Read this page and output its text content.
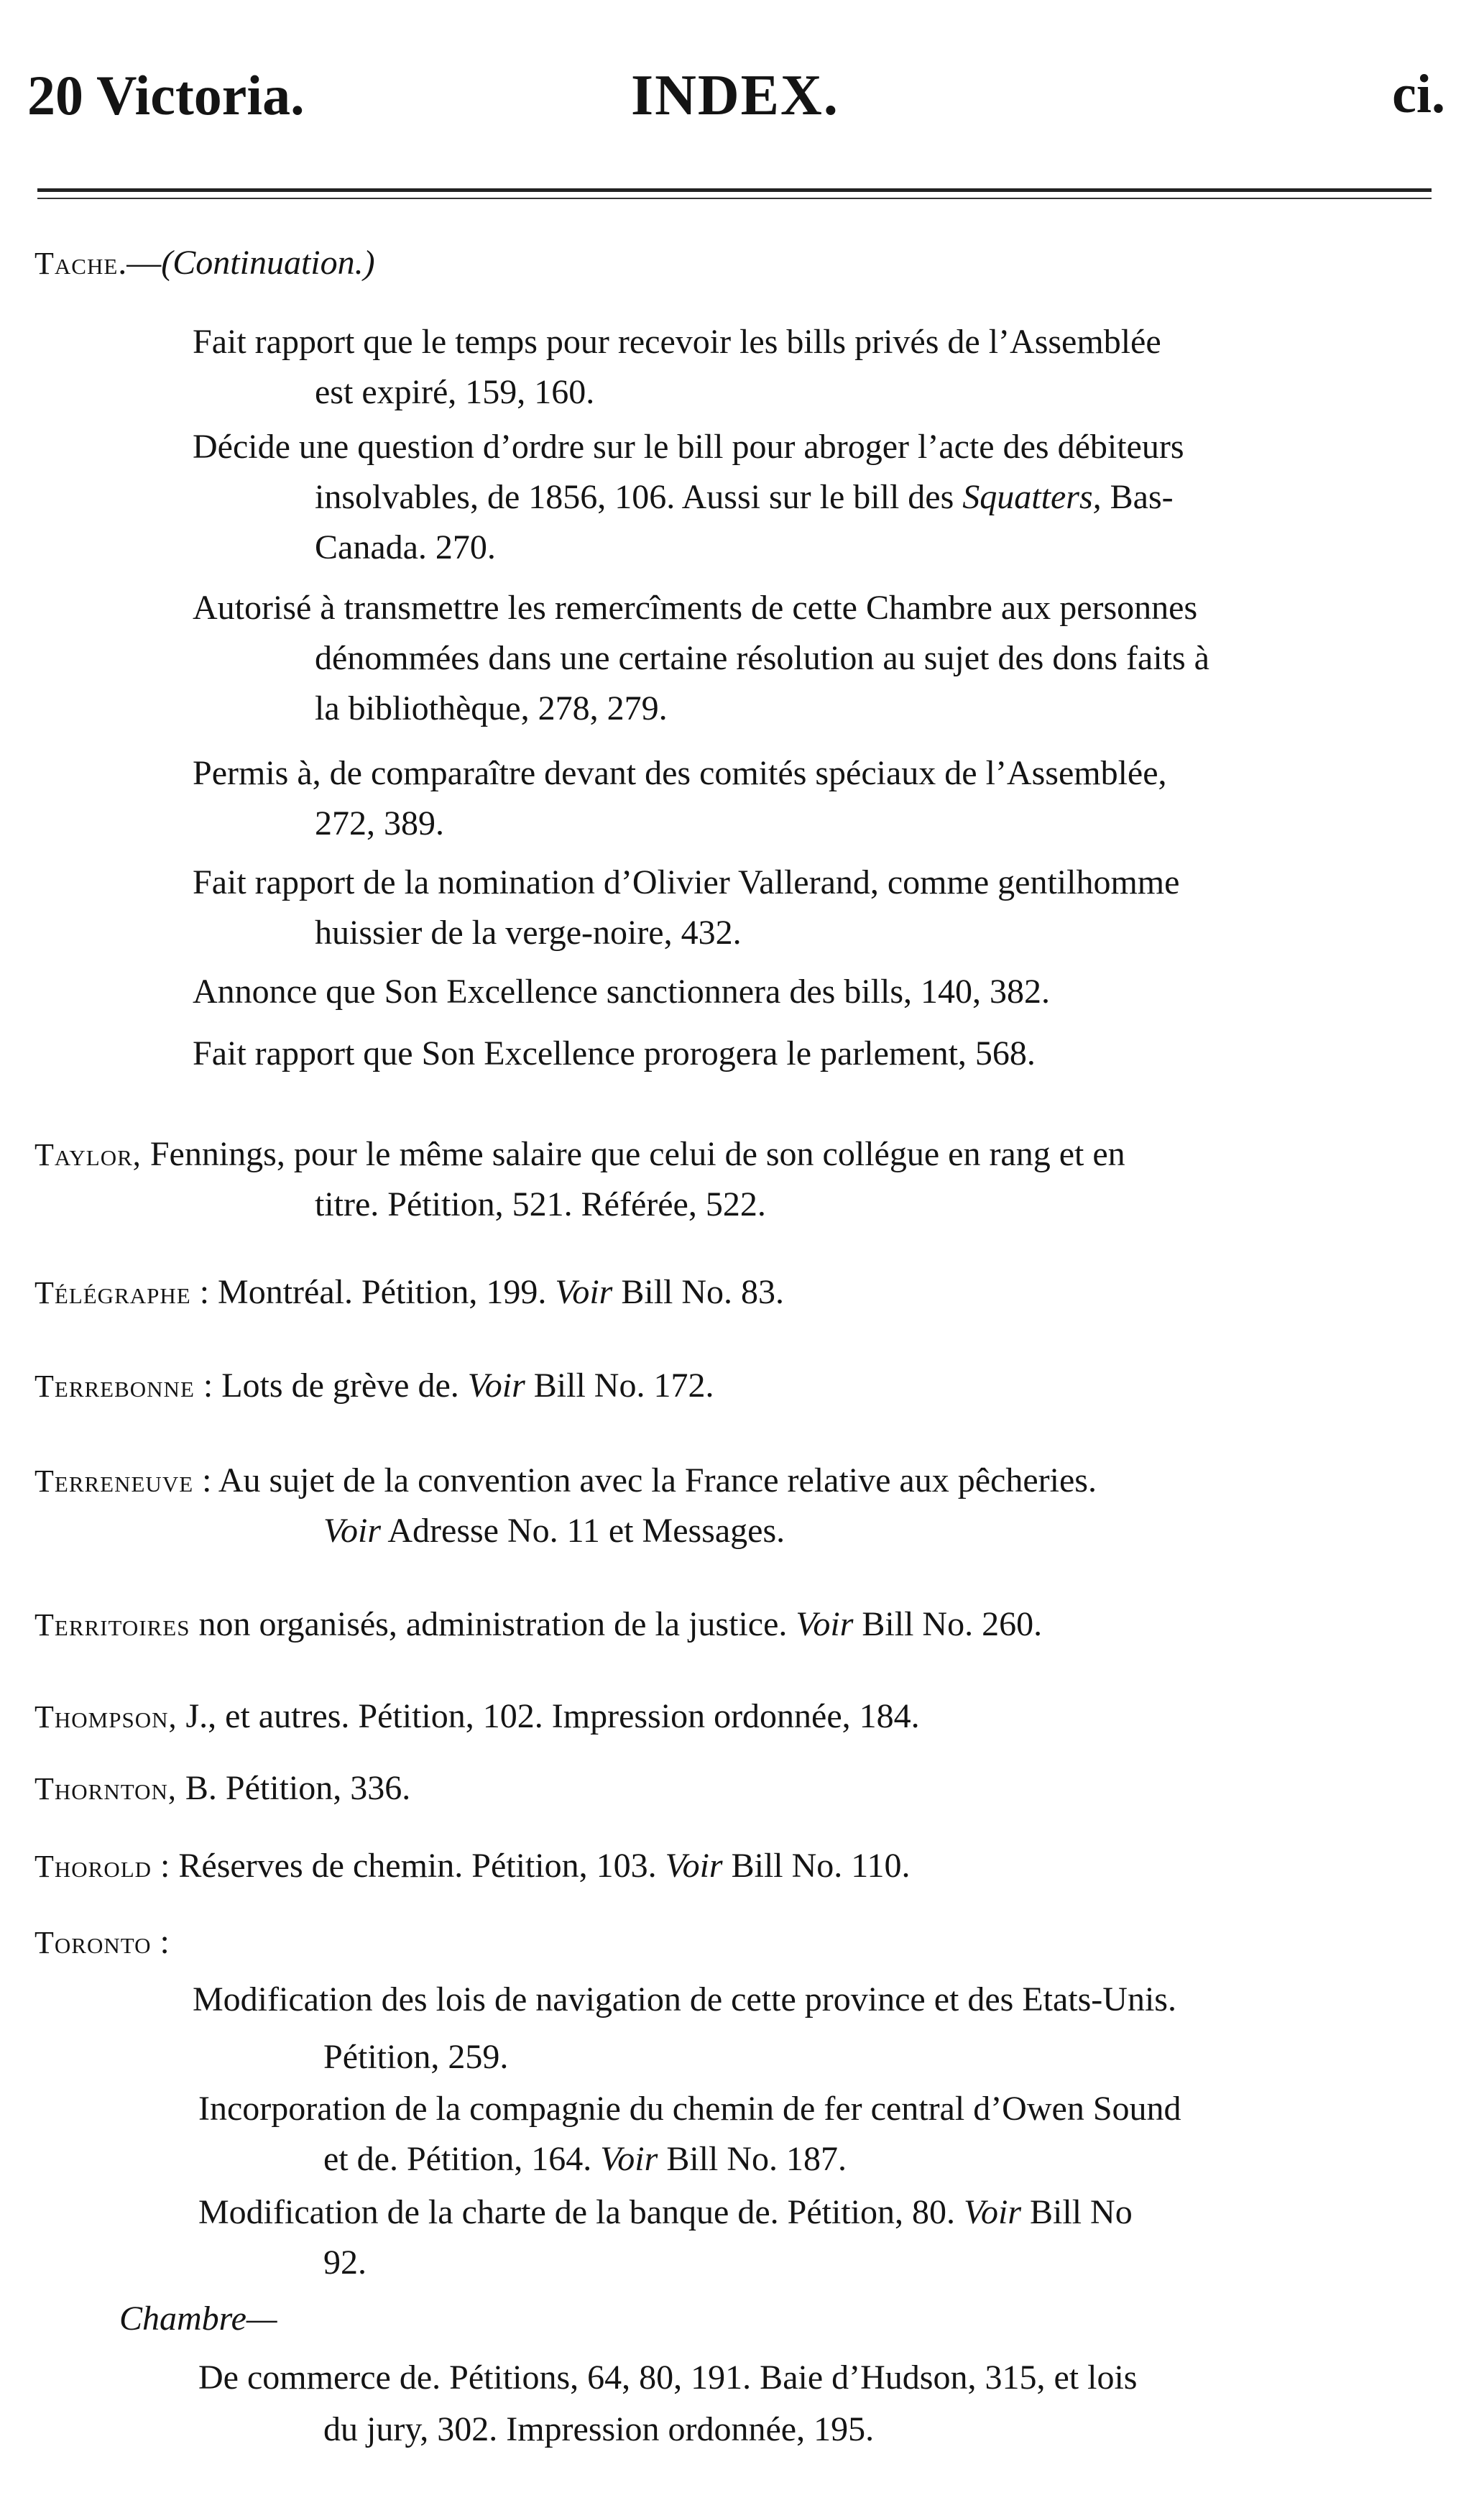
20 Victoria.	INDEX.	ci.
Tache.—(Continuation.)
Fait rapport que le temps pour recevoir les bills privés de l’Assemblée
est expiré, 159, 160.
Décide une question d’ordre sur le bill pour abroger l’acte des débiteurs
insolvables, de 1856, 106. Aussi sur le bill des Squatters, Bas-
Canada. 270.
Autorisé à transmettre les remercîments de cette Chambre aux personnes
dénommées dans une certaine résolution au sujet des dons faits à
la bibliothèque, 278, 279.
Permis à, de comparaître devant des comités spéciaux de l’Assemblée,
272, 389.
Fait rapport de la nomination d’Olivier Vallerand, comme gentilhomme
huissier de la verge-noire, 432.
Annonce que Son Excellence sanctionnera des bills, 140, 382.
Fait rapport que Son Excellence prorogera le parlement, 568.
Taylor, Fennings, pour le même salaire que celui de son collégue en rang et en
titre. Pétition, 521. Référée, 522.
Télégraphe : Montréal. Pétition, 199. Voir Bill No. 83.
Terrebonne : Lots de grève de. Voir Bill No. 172.
Terreneuve : Au sujet de la convention avec la France relative aux pêcheries.
Voir Adresse No. 11 et Messages.
Territoires non organisés, administration de la justice. Voir Bill No. 260.
Thompson, J., et autres. Pétition, 102. Impression ordonnée, 184.
Thornton, B. Pétition, 336.
Thorold : Réserves de chemin. Pétition, 103. Voir Bill No. 110.
Toronto :
Modification des lois de navigation de cette province et des Etats-Unis.
Pétition, 259.
Incorporation de la compagnie du chemin de fer central d’Owen Sound
et de. Pétition, 164. Voir Bill No. 187.
Modification de la charte de la banque de. Pétition, 80. Voir Bill No
92.
Chambre—
De commerce de. Pétitions, 64, 80, 191. Baie d’Hudson, 315, et lois
du jury, 302. Impression ordonnée, 195.
